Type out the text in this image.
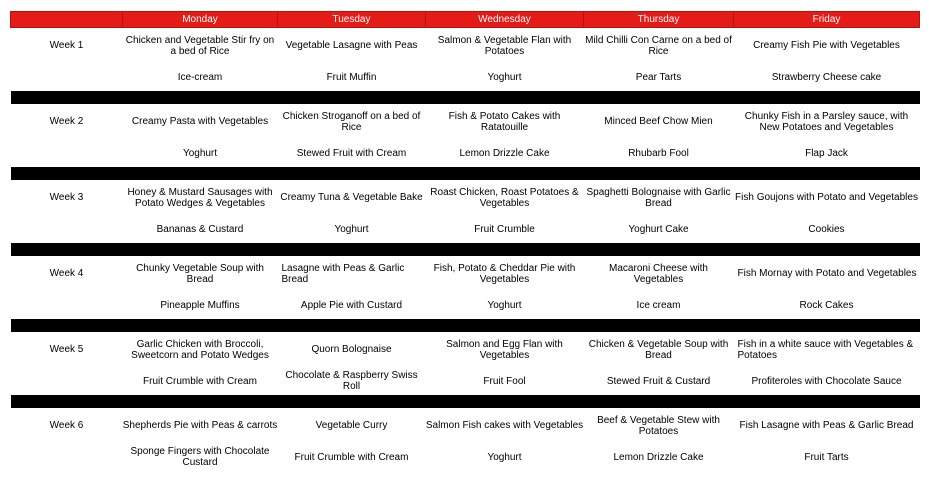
	Monday	Tuesday	Wednesday	Thursday	Friday
Week 1	Chicken and Vegetable Stir fry on a bed of Rice	Vegetable Lasagne with Peas	Salmon & Vegetable Flan with Potatoes	Mild Chilli Con Carne on a bed of Rice	Creamy Fish Pie with Vegetables
	Ice-cream	Fruit Muffin	Yoghurt	Pear Tarts	Strawberry Cheese cake

Week 2	Creamy Pasta with Vegetables	Chicken Stroganoff on a bed of Rice	Fish & Potato Cakes with Ratatouille	Minced Beef Chow Mien	Chunky Fish in a Parsley sauce, with New Potatoes and Vegetables
	Yoghurt	Stewed Fruit with Cream	Lemon Drizzle Cake	Rhubarb Fool	Flap Jack

Week 3	Honey & Mustard Sausages with Potato Wedges & Vegetables	Creamy Tuna & Vegetable Bake	Roast Chicken, Roast Potatoes & Vegetables	Spaghetti Bolognaise with Garlic Bread	Fish Goujons with Potato and Vegetables
	Bananas & Custard	Yoghurt	Fruit Crumble	Yoghurt Cake	Cookies

Week 4	Chunky Vegetable Soup with Bread	Lasagne with Peas & Garlic Bread	Fish, Potato & Cheddar Pie with Vegetables	Macaroni Cheese with Vegetables	Fish Mornay with Potato and Vegetables
	Pineapple Muffins	Apple Pie with Custard	Yoghurt	Ice cream	Rock Cakes

Week 5	Garlic Chicken with Broccoli, Sweetcorn and Potato Wedges	Quorn Bolognaise	Salmon and Egg Flan with Vegetables	Chicken & Vegetable Soup with Bread	Fish in a white sauce with Vegetables & Potatoes
	Fruit Crumble with Cream	Chocolate & Raspberry Swiss Roll	Fruit Fool	Stewed Fruit & Custard	Profiteroles with Chocolate Sauce

Week 6	Shepherds Pie with Peas & carrots	Vegetable Curry	Salmon Fish cakes with Vegetables	Beef & Vegetable Stew with Potatoes	Fish Lasagne with Peas & Garlic Bread
	Sponge Fingers with Chocolate Custard	Fruit Crumble with Cream	Yoghurt	Lemon Drizzle Cake	Fruit Tarts
